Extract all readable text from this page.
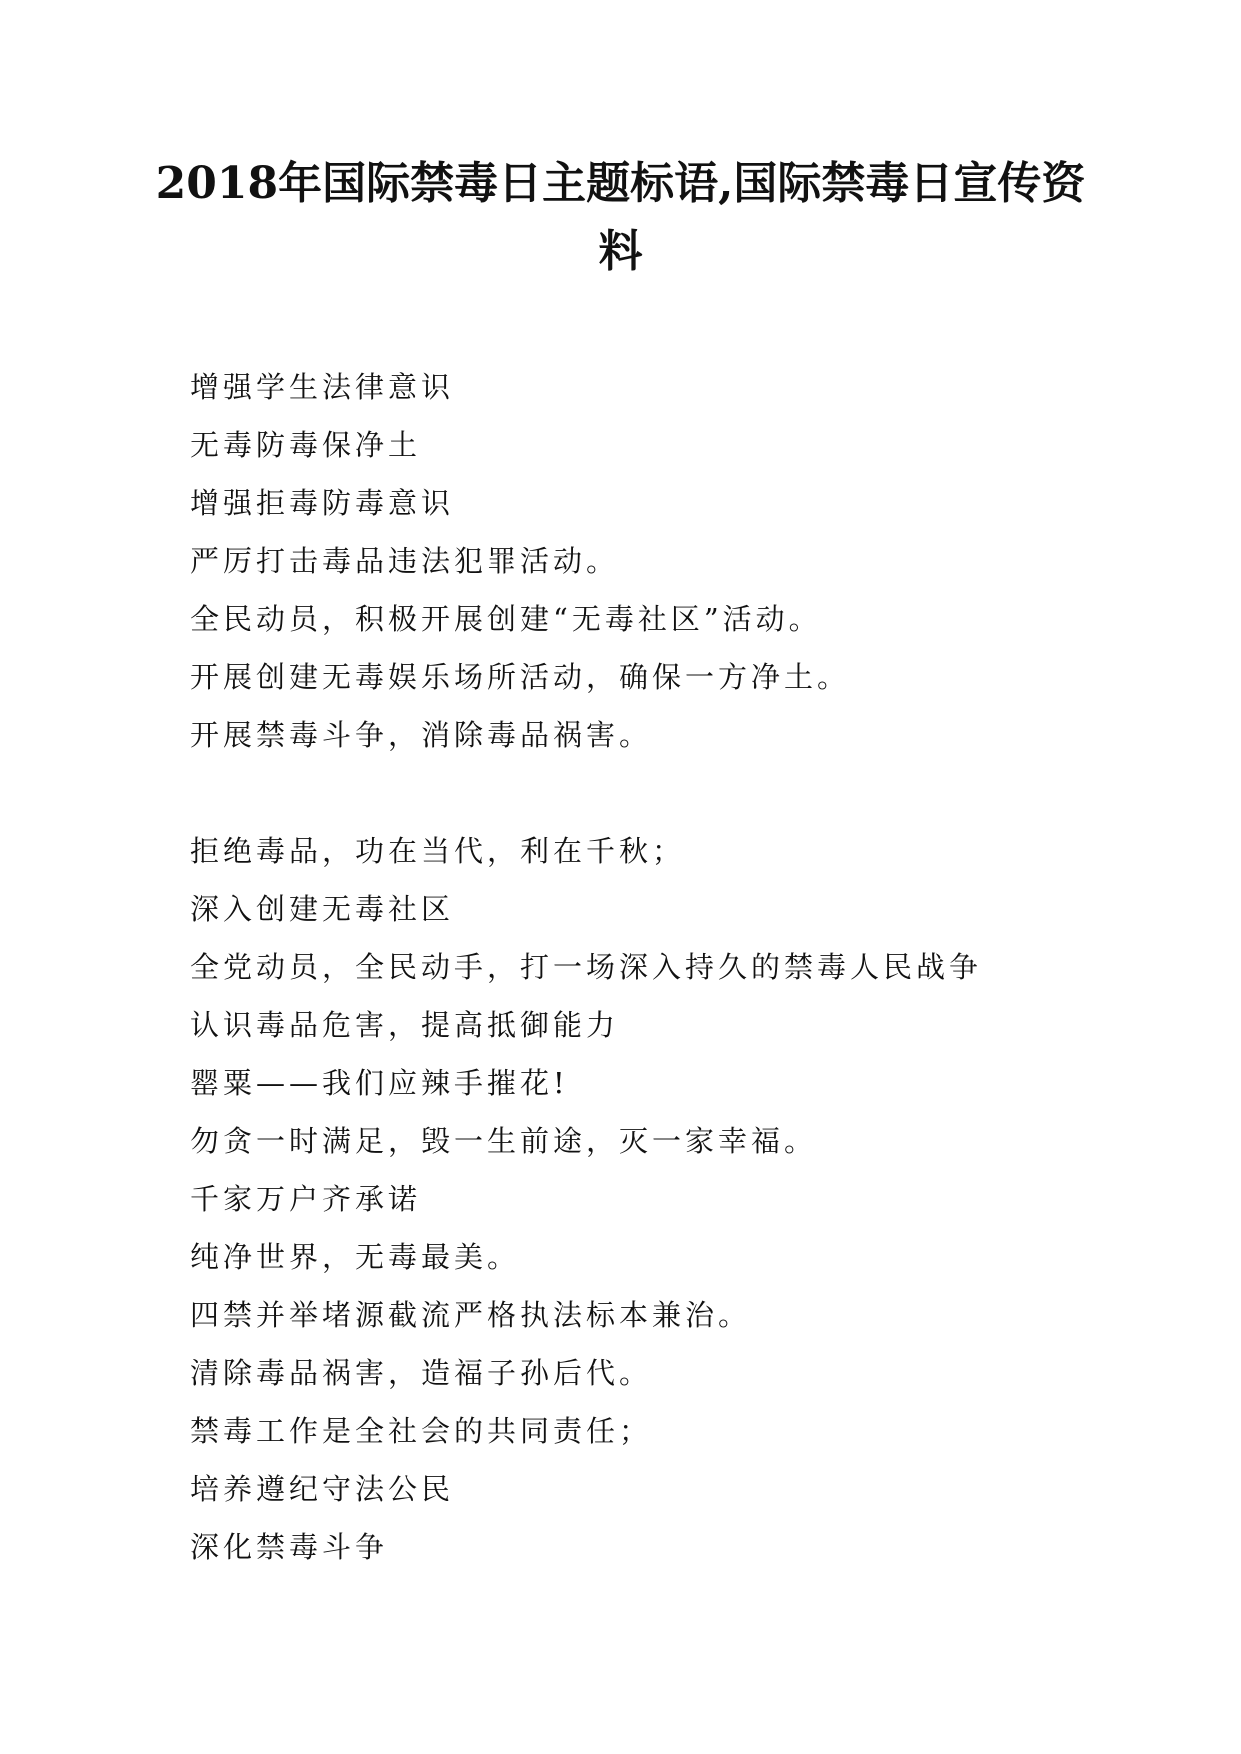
2018年国际禁毒日主题标语,国际禁毒日宣传资料
增强学生法律意识
无毒防毒保净土
增强拒毒防毒意识
严厉打击毒品违法犯罪活动。
全民动员，积极开展创建“无毒社区”活动。
开展创建无毒娱乐场所活动，确保一方净土。
开展禁毒斗争，消除毒品祸害。
拒绝毒品，功在当代，利在千秋；
深入创建无毒社区
全党动员，全民动手，打一场深入持久的禁毒人民战争
认识毒品危害，提高抵御能力
罂粟——我们应辣手摧花!
勿贪一时满足，毁一生前途，灭一家幸福。
千家万户齐承诺
纯净世界，无毒最美。
四禁并举堵源截流严格执法标本兼治。
清除毒品祸害，造福子孙后代。
禁毒工作是全社会的共同责任；
培养遵纪守法公民
深化禁毒斗争
